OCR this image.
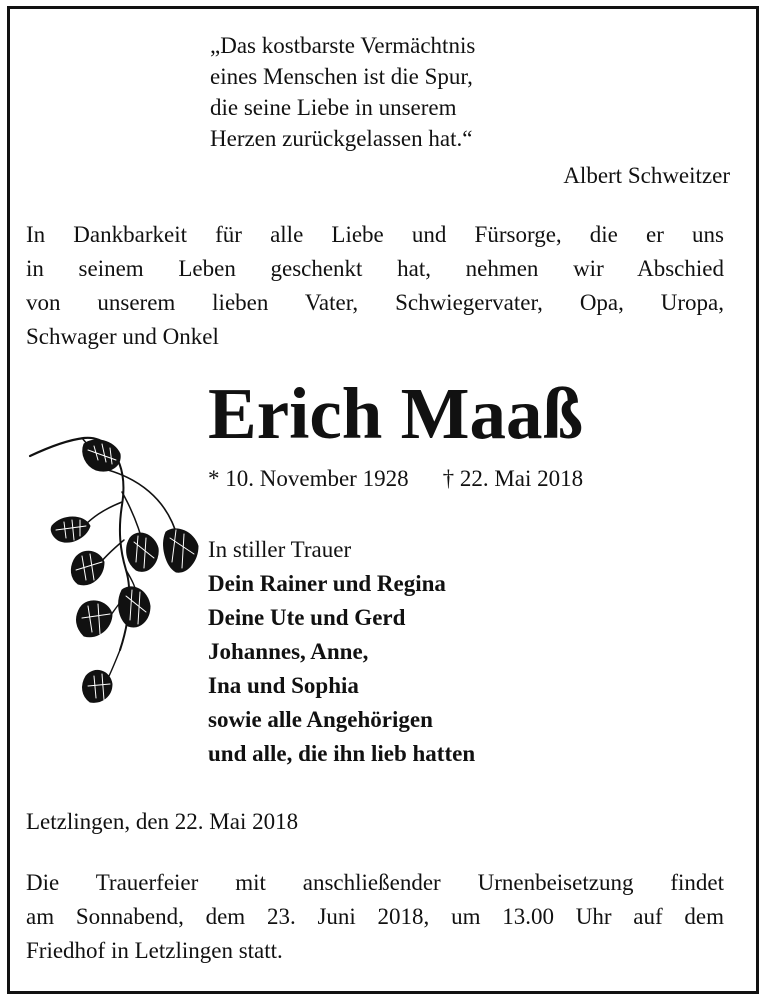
„Das kostbarste Vermächtnis
eines Menschen ist die Spur,
die seine Liebe in unserem
Herzen zurückgelassen hat.“
Albert Schweitzer
In Dankbarkeit für alle Liebe und Fürsorge, die er uns
in seinem Leben geschenkt hat, nehmen wir Abschied
von unserem lieben Vater, Schwiegervater, Opa, Uropa,
Schwager und Onkel
Erich Maaß
* 10. November 1928 † 22. Mai 2018
In stiller Trauer
Dein Rainer und Regina
Deine Ute und Gerd
Johannes, Anne,
Ina und Sophia
sowie alle Angehörigen
und alle, die ihn lieb hatten
Letzlingen, den 22. Mai 2018
Die Trauerfeier mit anschließender Urnenbeisetzung findet
am Sonnabend, dem 23. Juni 2018, um 13.00 Uhr auf dem
Friedhof in Letzlingen statt.
